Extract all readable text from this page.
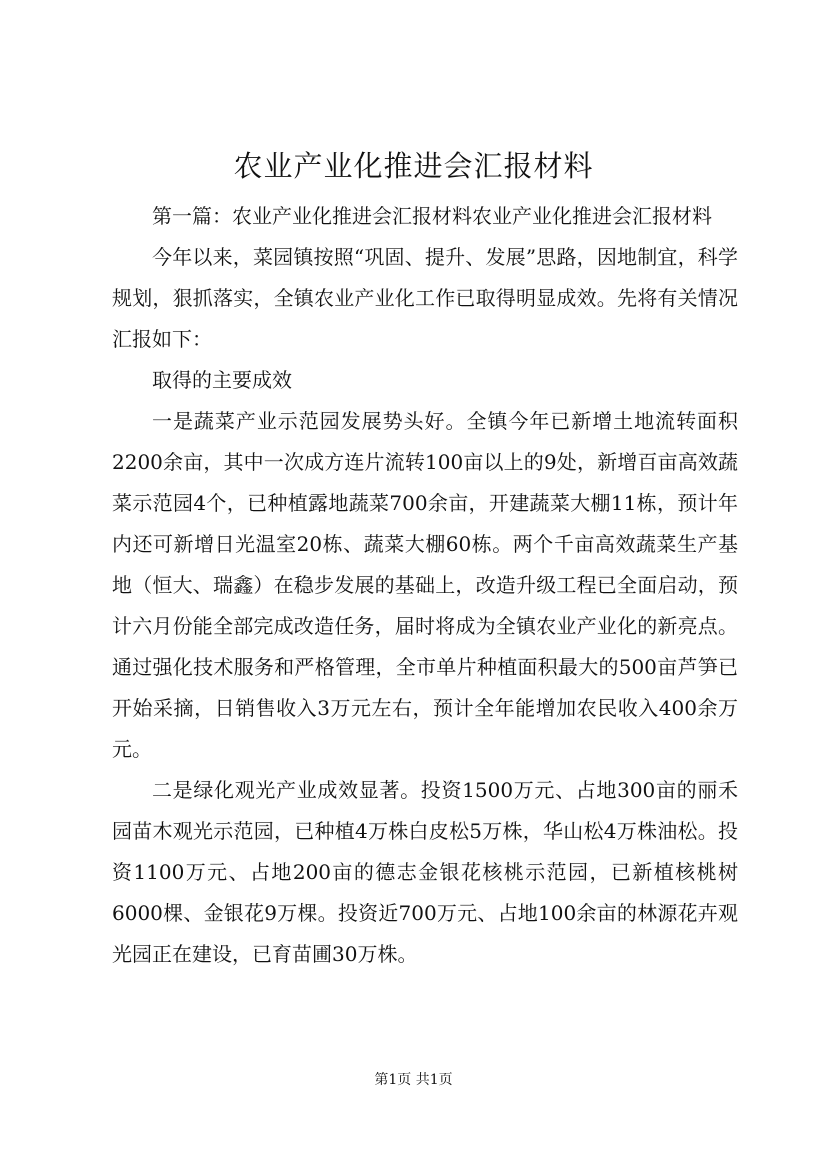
农业产业化推进会汇报材料

第一篇：农业产业化推进会汇报材料农业产业化推进会汇报材料

今年以来，菜园镇按照“巩固、提升、发展”思路，因地制宜，科学规划，狠抓落实，全镇农业产业化工作已取得明显成效。先将有关情况汇报如下：

取得的主要成效

一是蔬菜产业示范园发展势头好。全镇今年已新增土地流转面积2200余亩，其中一次成方连片流转100亩以上的9处，新增百亩高效蔬菜示范园4个，已种植露地蔬菜700余亩，开建蔬菜大棚11栋，预计年内还可新增日光温室20栋、蔬菜大棚60栋。两个千亩高效蔬菜生产基地（恒大、瑞鑫）在稳步发展的基础上，改造升级工程已全面启动，预计六月份能全部完成改造任务，届时将成为全镇农业产业化的新亮点。通过强化技术服务和严格管理，全市单片种植面积最大的500亩芦笋已开始采摘，日销售收入3万元左右，预计全年能增加农民收入400余万元。

二是绿化观光产业成效显著。投资1500万元、占地300亩的丽禾园苗木观光示范园，已种植4万株白皮松5万株，华山松4万株油松。投资1100万元、占地200亩的德志金银花核桃示范园，已新植核桃树6000棵、金银花9万棵。投资近700万元、占地100余亩的林源花卉观光园正在建设，已育苗圃30万株。

第1页 共1页
